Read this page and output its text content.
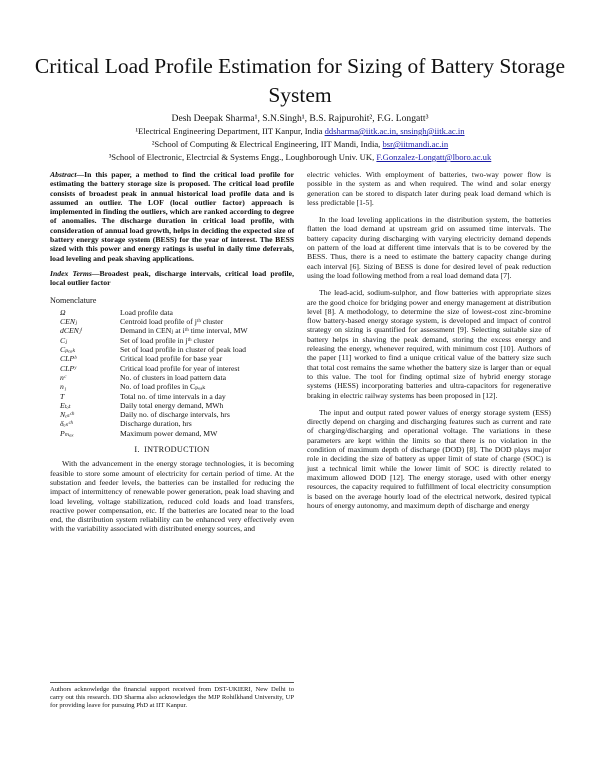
Critical Load Profile Estimation for Sizing of Battery Storage System
Desh Deepak Sharma¹, S.N.Singh¹, B.S. Rajpurohit², F.G. Longatt³
¹Electrical Engineering Department, IIT Kanpur, India ddsharma@iitk.ac.in, snsingh@iitk.ac.in
²School of Computing & Electrical Engineering, IIT Mandi, India, bsr@iitmandi.ac.in
³School of Electronic, Electrcial & Systems Engg., Loughborough Univ. UK, F.Gonzalez-Longatt@lboro.ac.uk

Abstract—In this paper, a method to find the critical load profile for estimating the battery storage size is proposed. The critical load profile consists of broadest peak in annual historical load profile data and is assumed an outlier. The LOF (local outlier factor) approach is implemented in finding the outliers, which are ranked according to degree of anomalies. The discharge duration in critical load profile, with consideration of annual load growth, helps in deciding the expected size of battery energy storage system (BESS) for the year of interest. The BESS sized with this power and energy ratings is useful in daily time deferrals, load leveling and peak shaving applications.

Index Terms—Broadest peak, discharge intervals, critical load profile, local outlier factor

Nomenclature
Ω	Load profile data
CENⱼ	Centroid load profile of jᵗʰ cluster
dCENⱼⁱ	Demand in CENⱼ at iᵗʰ time interval, MW
Cⱼ	Set of load profile in jᵗʰ cluster
Cₚₑₐₖ	Set of load profile in cluster of peak load
CLPᵇ	Critical load profile for base year
CLPʸ	Critical load profile for year of interest
nᶜ	No. of clusters in load pattern data
n₁	No. of load profiles in Cₚₑₐₖ
T	Total no. of time intervals in a day
Eₜₒₜ	Daily total energy demand, MWh
Nₑₛᶜʰ	Daily no. of discharge intervals, hrs
δₑₛᶜʰ	Discharge duration, hrs
Pₘₐₓ	Maximum power demand, MW
I. INTRODUCTION

With the advancement in the energy storage technologies, it is becoming feasible to store some amount of electricity for certain period of time. At the substation and feeder levels, the batteries can be installed for reducing the impact of intermittency of renewable power generation, peak load shaving and load leveling, voltage stabilization, reduced cold loads and load transfers, reactive power compensation, etc. If the batteries are located near to the load end, the distribution system reliability can be enhanced very effectively even with the variability associated with distributed energy sources, and

electric vehicles. With employment of batteries, two-way power flow is possible in the system as and when required. The wind and solar energy generation can be stored to dispatch later during peak load demand which is less predictable [1-5].

In the load leveling applications in the distribution system, the batteries flatten the load demand at upstream grid on assumed time intervals. The battery capacity during discharging with varying electricity demand depends on pattern of the load at different time intervals that is to be covered by the BESS. Thus, there is a need to estimate the battery capacity change during each interval [6]. Sizing of BESS is done for desired level of peak reduction using the load following method from a real load demand data [7].

The lead-acid, sodium-sulphor, and flow batteries with appropriate sizes are the good choice for bridging power and energy management at distribution level [8]. A methodology, to determine the size of lowest-cost zinc-bromine flow battery-based energy storage system, is developed and impact of control strategy on sizing is quantified for assessment [9]. Selecting suitable size of battery helps in shaving the peak demand, storing the excess energy and releasing the energy, whenever required, with minimum cost [10]. Authors of the paper [11] worked to find a unique critical value of the battery size such that total cost remains the same whether the battery size is larger than or equal to this value. The tool for finding optimal size of hybrid energy storage systems (HESS) incorporating batteries and ultra-capacitors for regenerative braking in electric railway systems has been proposed in [12].

The input and output rated power values of energy storage system (ESS) directly depend on charging and discharging features such as current and rate of charging/discharging and operational voltage. The variations in these parameters are kept within the limits so that there is no violation in the condition of maximum depth of discharge (DOD) [8]. The DOD plays major role in deciding the size of battery as upper limit of state of charge (SOC) is just a technical limit while the lower limit of SOC is directly related to maximum allowed DOD [12]. The energy storage, used with other energy resources, the capacity required to fulfillment of local electricity consumption is based on the average hourly load of the electrical network, desired typical hours of energy autonomy, and maximum depth of discharge and energy

Authors acknowledge the financial support received from DST-UKIERI, New Delhi to carry out this research. DD Sharma also acknowledges the MJP Rohilkhand University, UP for providing leave for pursuing PhD at IIT Kanpur.
